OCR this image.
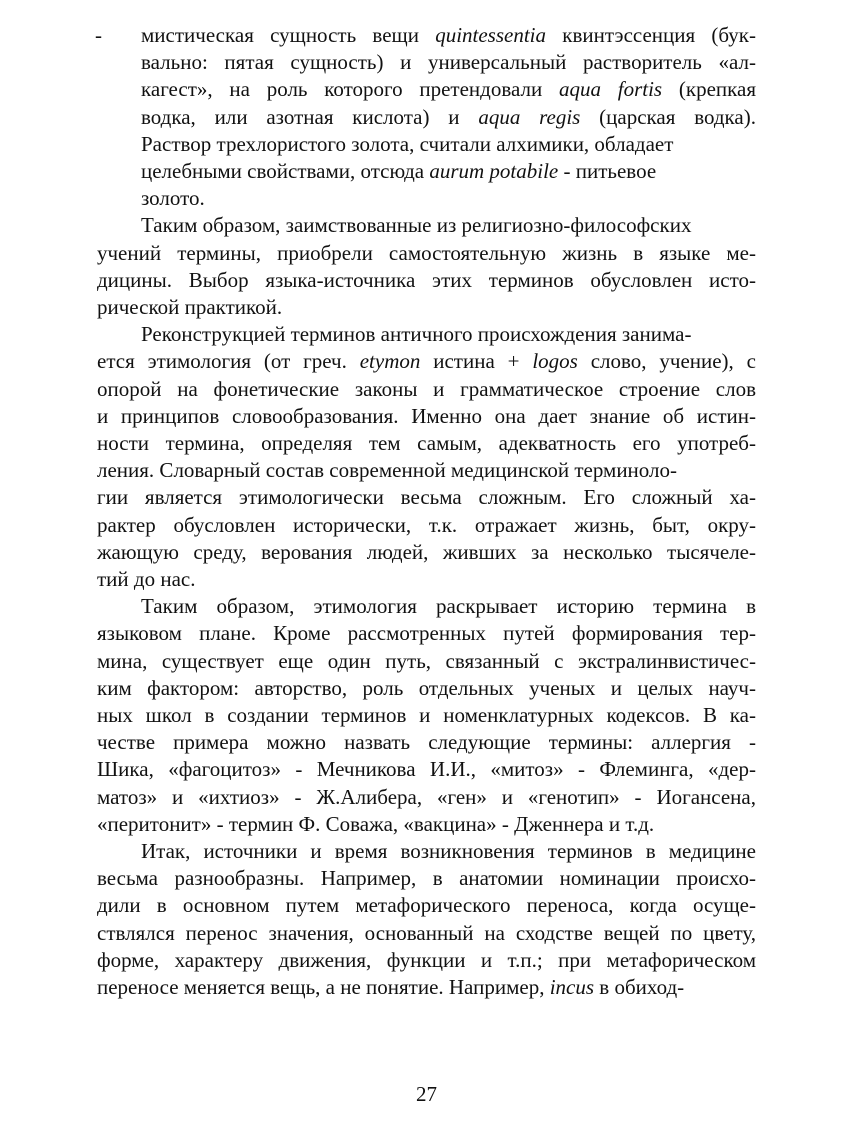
- мистическая сущность вещи quintessentia квинтэссенция (бук-
вально: пятая сущность) и универсальный растворитель «ал-
кагест», на роль которого претендовали aqua fortis (крепкая
водка, или азотная кислота) и aqua regis (царская водка).
Раствор трехлористого золота, считали алхимики, обладает
целебными свойствами, отсюда aurum potabile - питьевое
золото.
Таким образом, заимствованные из религиозно-философских
учений термины, приобрели самостоятельную жизнь в языке ме-
дицины. Выбор языка-источника этих терминов обусловлен исто-
рической практикой.
Реконструкцией терминов античного происхождения занима-
ется этимология (от греч. etymon истина + logos слово, учение), с
опорой на фонетические законы и грамматическое строение слов
и принципов словообразования. Именно она дает знание об истин-
ности термина, определяя тем самым, адекватность его употреб-
ления. Словарный состав современной медицинской терминоло-
гии является этимологически весьма сложным. Его сложный ха-
рактер обусловлен исторически, т.к. отражает жизнь, быт, окру-
жающую среду, верования людей, живших за несколько тысячеле-
тий до нас.
Таким образом, этимология раскрывает историю термина в
языковом плане. Кроме рассмотренных путей формирования тер-
мина, существует еще один путь, связанный с экстралинвистичес-
ким фактором: авторство, роль отдельных ученых и целых науч-
ных школ в создании терминов и номенклатурных кодексов. В ка-
честве примера можно назвать следующие термины: аллергия -
Шика, «фагоцитоз» - Мечникова И.И., «митоз» - Флеминга, «дер-
матоз» и «ихтиоз» - Ж.Алибера, «ген» и «генотип» - Иогансена,
«перитонит» - термин Ф. Соважа, «вакцина» - Дженнера и т.д.
Итак, источники и время возникновения терминов в медицине
весьма разнообразны. Например, в анатомии номинации происхо-
дили в основном путем метафорического переноса, когда осуще-
ствлялся перенос значения, основанный на сходстве вещей по цвету,
форме, характеру движения, функции и т.п.; при метафорическом
переносе меняется вещь, а не понятие. Например, incus в обиход-
27
